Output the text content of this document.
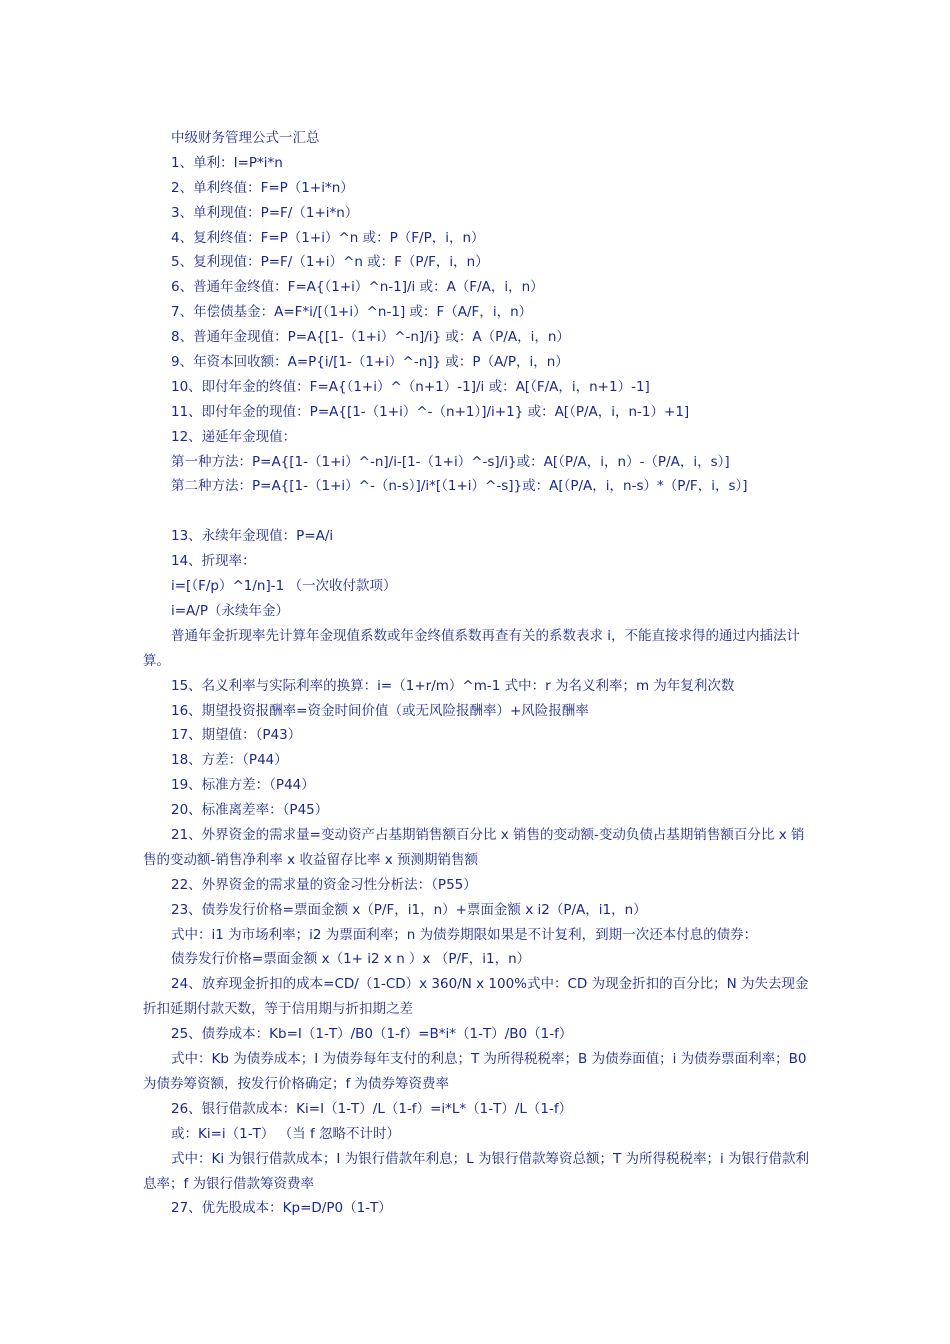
中级财务管理公式一汇总
1、单利：I=P*i*n
2、单利终值：F=P（1+i*n）
3、单利现值：P=F/（1+i*n）
4、复利终值：F=P（1+i）^n 或：P（F/P，i，n）
5、复利现值：P=F/（1+i）^n 或：F（P/F，i，n）
6、普通年金终值：F=A{（1+i）^n-1]/i 或：A（F/A，i，n）
7、年偿债基金：A=F*i/[（1+i）^n-1] 或：F（A/F，i，n）
8、普通年金现值：P=A{[1-（1+i）^-n]/i} 或：A（P/A，i，n）
9、年资本回收额：A=P{i/[1-（1+i）^-n]} 或：P（A/P，i，n）
10、即付年金的终值：F=A{（1+i）^（n+1）-1]/i 或：A[（F/A，i，n+1）-1]
11、即付年金的现值：P=A{[1-（1+i）^-（n+1）]/i+1} 或：A[（P/A，i，n-1）+1]
12、递延年金现值：
第一种方法：P=A{[1-（1+i）^-n]/i-[1-（1+i）^-s]/i}或：A[（P/A，i，n）-（P/A，i，s）]
第二种方法：P=A{[1-（1+i）^-（n-s）]/i*[（1+i）^-s]}或：A[（P/A，i，n-s）*（P/F，i，s）]
13、永续年金现值：P=A/i
14、折现率：
i=[（F/p）^1/n]-1 （一次收付款项）
i=A/P（永续年金）
普通年金折现率先计算年金现值系数或年金终值系数再查有关的系数表求 i，不能直接求得的通过内插法计算。
15、名义利率与实际利率的换算：i=（1+r/m）^m-1 式中：r 为名义利率；m 为年复利次数
16、期望投资报酬率=资金时间价值（或无风险报酬率）+风险报酬率
17、期望值：（P43）
18、方差：（P44）
19、标准方差：（P44）
20、标准离差率：（P45）
21、外界资金的需求量=变动资产占基期销售额百分比 x 销售的变动额-变动负债占基期销售额百分比 x 销售的变动额-销售净利率 x 收益留存比率 x 预测期销售额
22、外界资金的需求量的资金习性分析法：（P55）
23、债券发行价格=票面金额 x（P/F，i1，n）+票面金额 x i2（P/A，i1，n）
式中：i1 为市场利率；i2 为票面利率；n 为债券期限如果是不计复利，到期一次还本付息的债券：
债券发行价格=票面金额 x（1+ i2 x n ）x （P/F，i1，n）
24、放弃现金折扣的成本=CD/（1-CD）x 360/N x 100%式中：CD 为现金折扣的百分比；N 为失去现金折扣延期付款天数，等于信用期与折扣期之差
25、债券成本：Kb=I（1-T）/B0（1-f）=B*i*（1-T）/B0（1-f）
式中：Kb 为债券成本；I 为债券每年支付的利息；T 为所得税税率；B 为债券面值；i 为债券票面利率；B0 为债券筹资额，按发行价格确定；f 为债券筹资费率
26、银行借款成本：Ki=I（1-T）/L（1-f）=i*L*（1-T）/L（1-f）
或：Ki=i（1-T） （当 f 忽略不计时）
式中：Ki 为银行借款成本；I 为银行借款年利息；L 为银行借款筹资总额；T 为所得税税率；i 为银行借款利息率；f 为银行借款筹资费率
27、优先股成本：Kp=D/P0（1-T）
